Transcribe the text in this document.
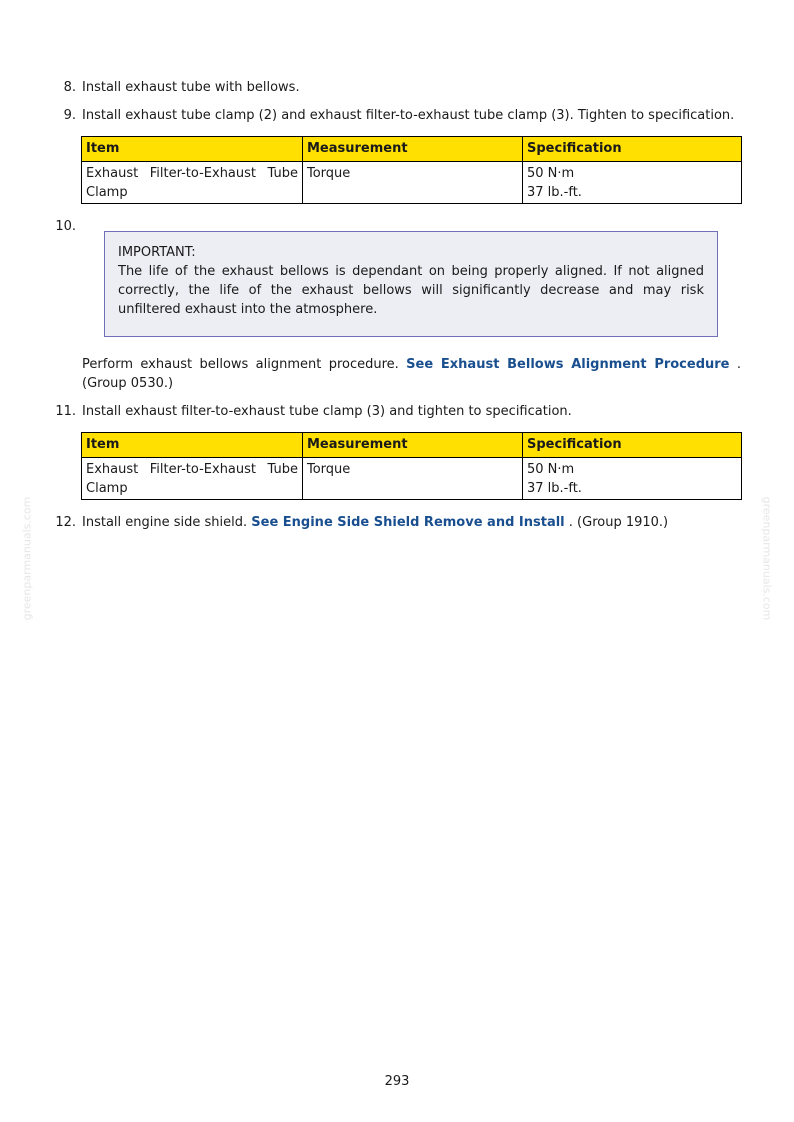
8. Install exhaust tube with bellows.
9. Install exhaust tube clamp (2) and exhaust filter-to-exhaust tube clamp (3). Tighten to specification.
Item	Measurement	Specification

Exhaust Filter-to-Exhaust Tube
Clamp	Torque	50 N·m
37 lb.-ft.
10.
IMPORTANT:
The life of the exhaust bellows is dependant on being properly aligned. If not aligned correctly, the life of the exhaust bellows will significantly decrease and may risk unfiltered exhaust into the atmosphere.
Perform exhaust bellows alignment procedure. See Exhaust Bellows Alignment Procedure . (Group 0530.)
11. Install exhaust filter-to-exhaust tube clamp (3) and tighten to specification.
Item	Measurement	Specification

Exhaust Filter-to-Exhaust Tube
Clamp	Torque	50 N·m
37 lb.-ft.
12. Install engine side shield. See Engine Side Shield Remove and Install . (Group 1910.)
greenparmanuals.com	greenparmanuals.com
293
